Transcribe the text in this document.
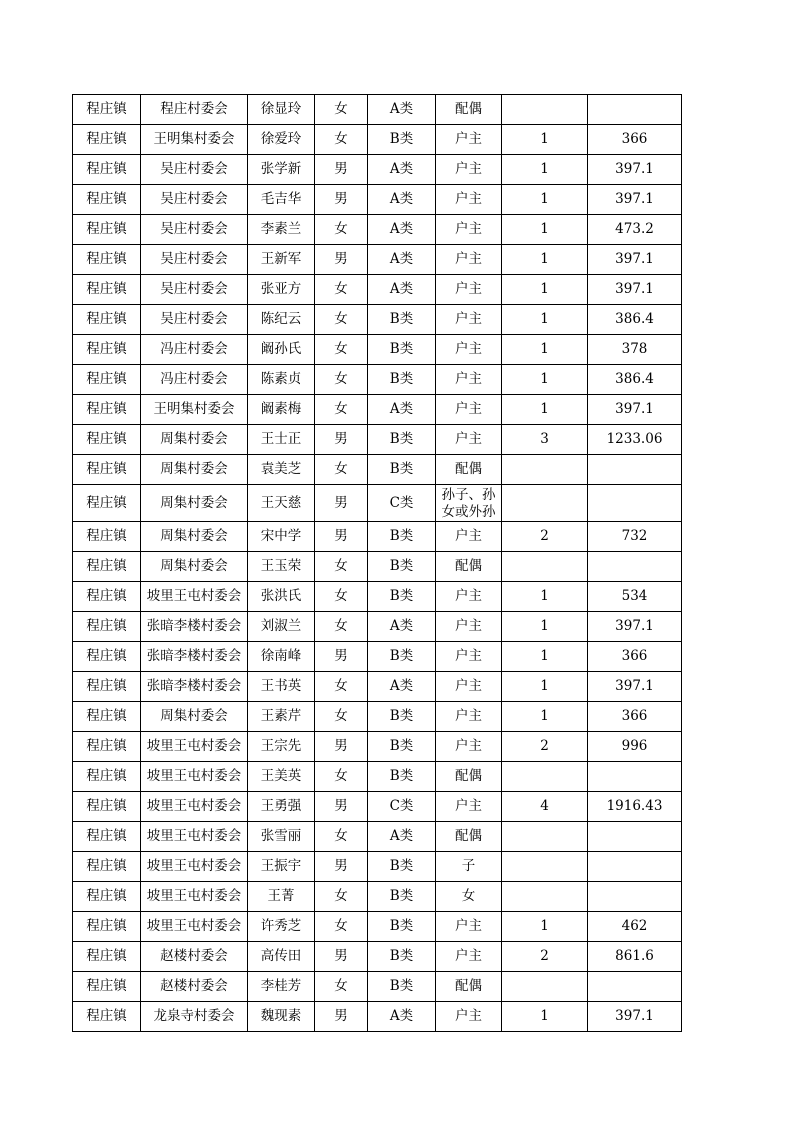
程庄镇	程庄村委会	徐显玲	女	A类	配偶		
程庄镇	王明集村委会	徐爱玲	女	B类	户主	1	366
程庄镇	吴庄村委会	张学新	男	A类	户主	1	397.1
程庄镇	吴庄村委会	毛吉华	男	A类	户主	1	397.1
程庄镇	吴庄村委会	李素兰	女	A类	户主	1	473.2
程庄镇	吴庄村委会	王新军	男	A类	户主	1	397.1
程庄镇	吴庄村委会	张亚方	女	A类	户主	1	397.1
程庄镇	吴庄村委会	陈纪云	女	B类	户主	1	386.4
程庄镇	冯庄村委会	阚孙氏	女	B类	户主	1	378
程庄镇	冯庄村委会	陈素贞	女	B类	户主	1	386.4
程庄镇	王明集村委会	阚素梅	女	A类	户主	1	397.1
程庄镇	周集村委会	王士正	男	B类	户主	3	1233.06
程庄镇	周集村委会	袁美芝	女	B类	配偶		
程庄镇	周集村委会	王天慈	男	C类	孙子、孙女或外孙		
程庄镇	周集村委会	宋中学	男	B类	户主	2	732
程庄镇	周集村委会	王玉荣	女	B类	配偶		
程庄镇	坡里王屯村委会	张洪氏	女	B类	户主	1	534
程庄镇	张暗李楼村委会	刘淑兰	女	A类	户主	1	397.1
程庄镇	张暗李楼村委会	徐南峰	男	B类	户主	1	366
程庄镇	张暗李楼村委会	王书英	女	A类	户主	1	397.1
程庄镇	周集村委会	王素芹	女	B类	户主	1	366
程庄镇	坡里王屯村委会	王宗先	男	B类	户主	2	996
程庄镇	坡里王屯村委会	王美英	女	B类	配偶		
程庄镇	坡里王屯村委会	王勇强	男	C类	户主	4	1916.43
程庄镇	坡里王屯村委会	张雪丽	女	A类	配偶		
程庄镇	坡里王屯村委会	王振宇	男	B类	子		
程庄镇	坡里王屯村委会	王菁	女	B类	女		
程庄镇	坡里王屯村委会	许秀芝	女	B类	户主	1	462
程庄镇	赵楼村委会	高传田	男	B类	户主	2	861.6
程庄镇	赵楼村委会	李桂芳	女	B类	配偶		
程庄镇	龙泉寺村委会	魏现素	男	A类	户主	1	397.1
